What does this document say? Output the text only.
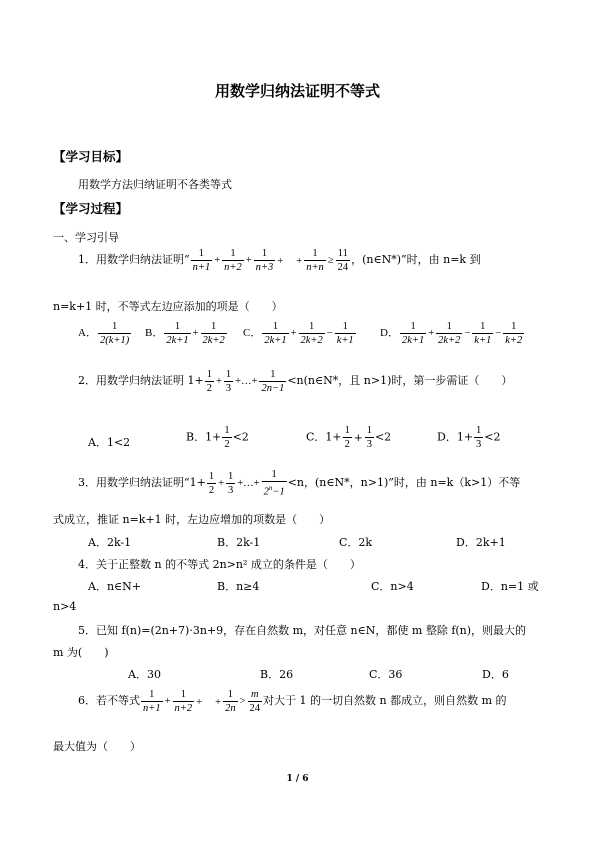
用数学归纳法证明不等式
【学习目标】
用数学方法归纳证明不各类等式
【学习过程】
一、学习引导
1．用数学归纳法证明“ $\frac{1}{n+1} + \frac{1}{n+2} + \frac{1}{n+3}$ +　 + $\frac{1}{n+n} \ge \frac{11}{24}$ ，(n∈N*)”时，由 n=k 到
n=k+1 时，不等式左边应添加的项是（　　）
A． $\frac{1}{2(k+1)}$ B． $\frac{1}{2k+1} + \frac{1}{2k+2}$ C． $\frac{1}{2k+1} + \frac{1}{2k+2} - \frac{1}{k+1}$ D． $\frac{1}{2k+1} + \frac{1}{2k+2} - \frac{1}{k+1} - \frac{1}{k+2}$
2．用数学归纳法证明 $1+ \frac{1}{2} + \frac{1}{3}$ +…+ $\frac{1}{2n-1}$ <n(n∈N*，且 n>1)时，第一步需证（　　）
A．1<2	B．$1+ \frac{1}{2} <2$	C．$1+ \frac{1}{2} + \frac{1}{3} <2$	D．$1+ \frac{1}{3} <2$
3．用数学归纳法证明“$1+ \frac{1}{2} + \frac{1}{3}$ +…+ $\frac{1}{2^n-1} <n$，(n∈N*，n>1)”时，由 n=k（k>1）不等
式成立，推证 n=k+1 时，左边应增加的项数是（　　）
A．2k-1	B．2k-1	C．2k	D．2k+1
4．关于正整数 n 的不等式 2n>n² 成立的条件是（　　）
A．n∈N+	B．n≥4	C．n>4	D．n=1 或
n>4
5．已知 f(n)=(2n+7)·3n+9，存在自然数 m，对任意 n∈N，都使 m 整除 f(n)，则最大的
m 为(　　)
A．30	B．26	C．36	D．6
6．若不等式 $\frac{1}{n+1} + \frac{1}{n+2}$ +　 + $\frac{1}{2n} > \frac{m}{24}$ 对大于 1 的一切自然数 n 都成立，则自然数 m 的
最大值为（　　）
1 / 6
